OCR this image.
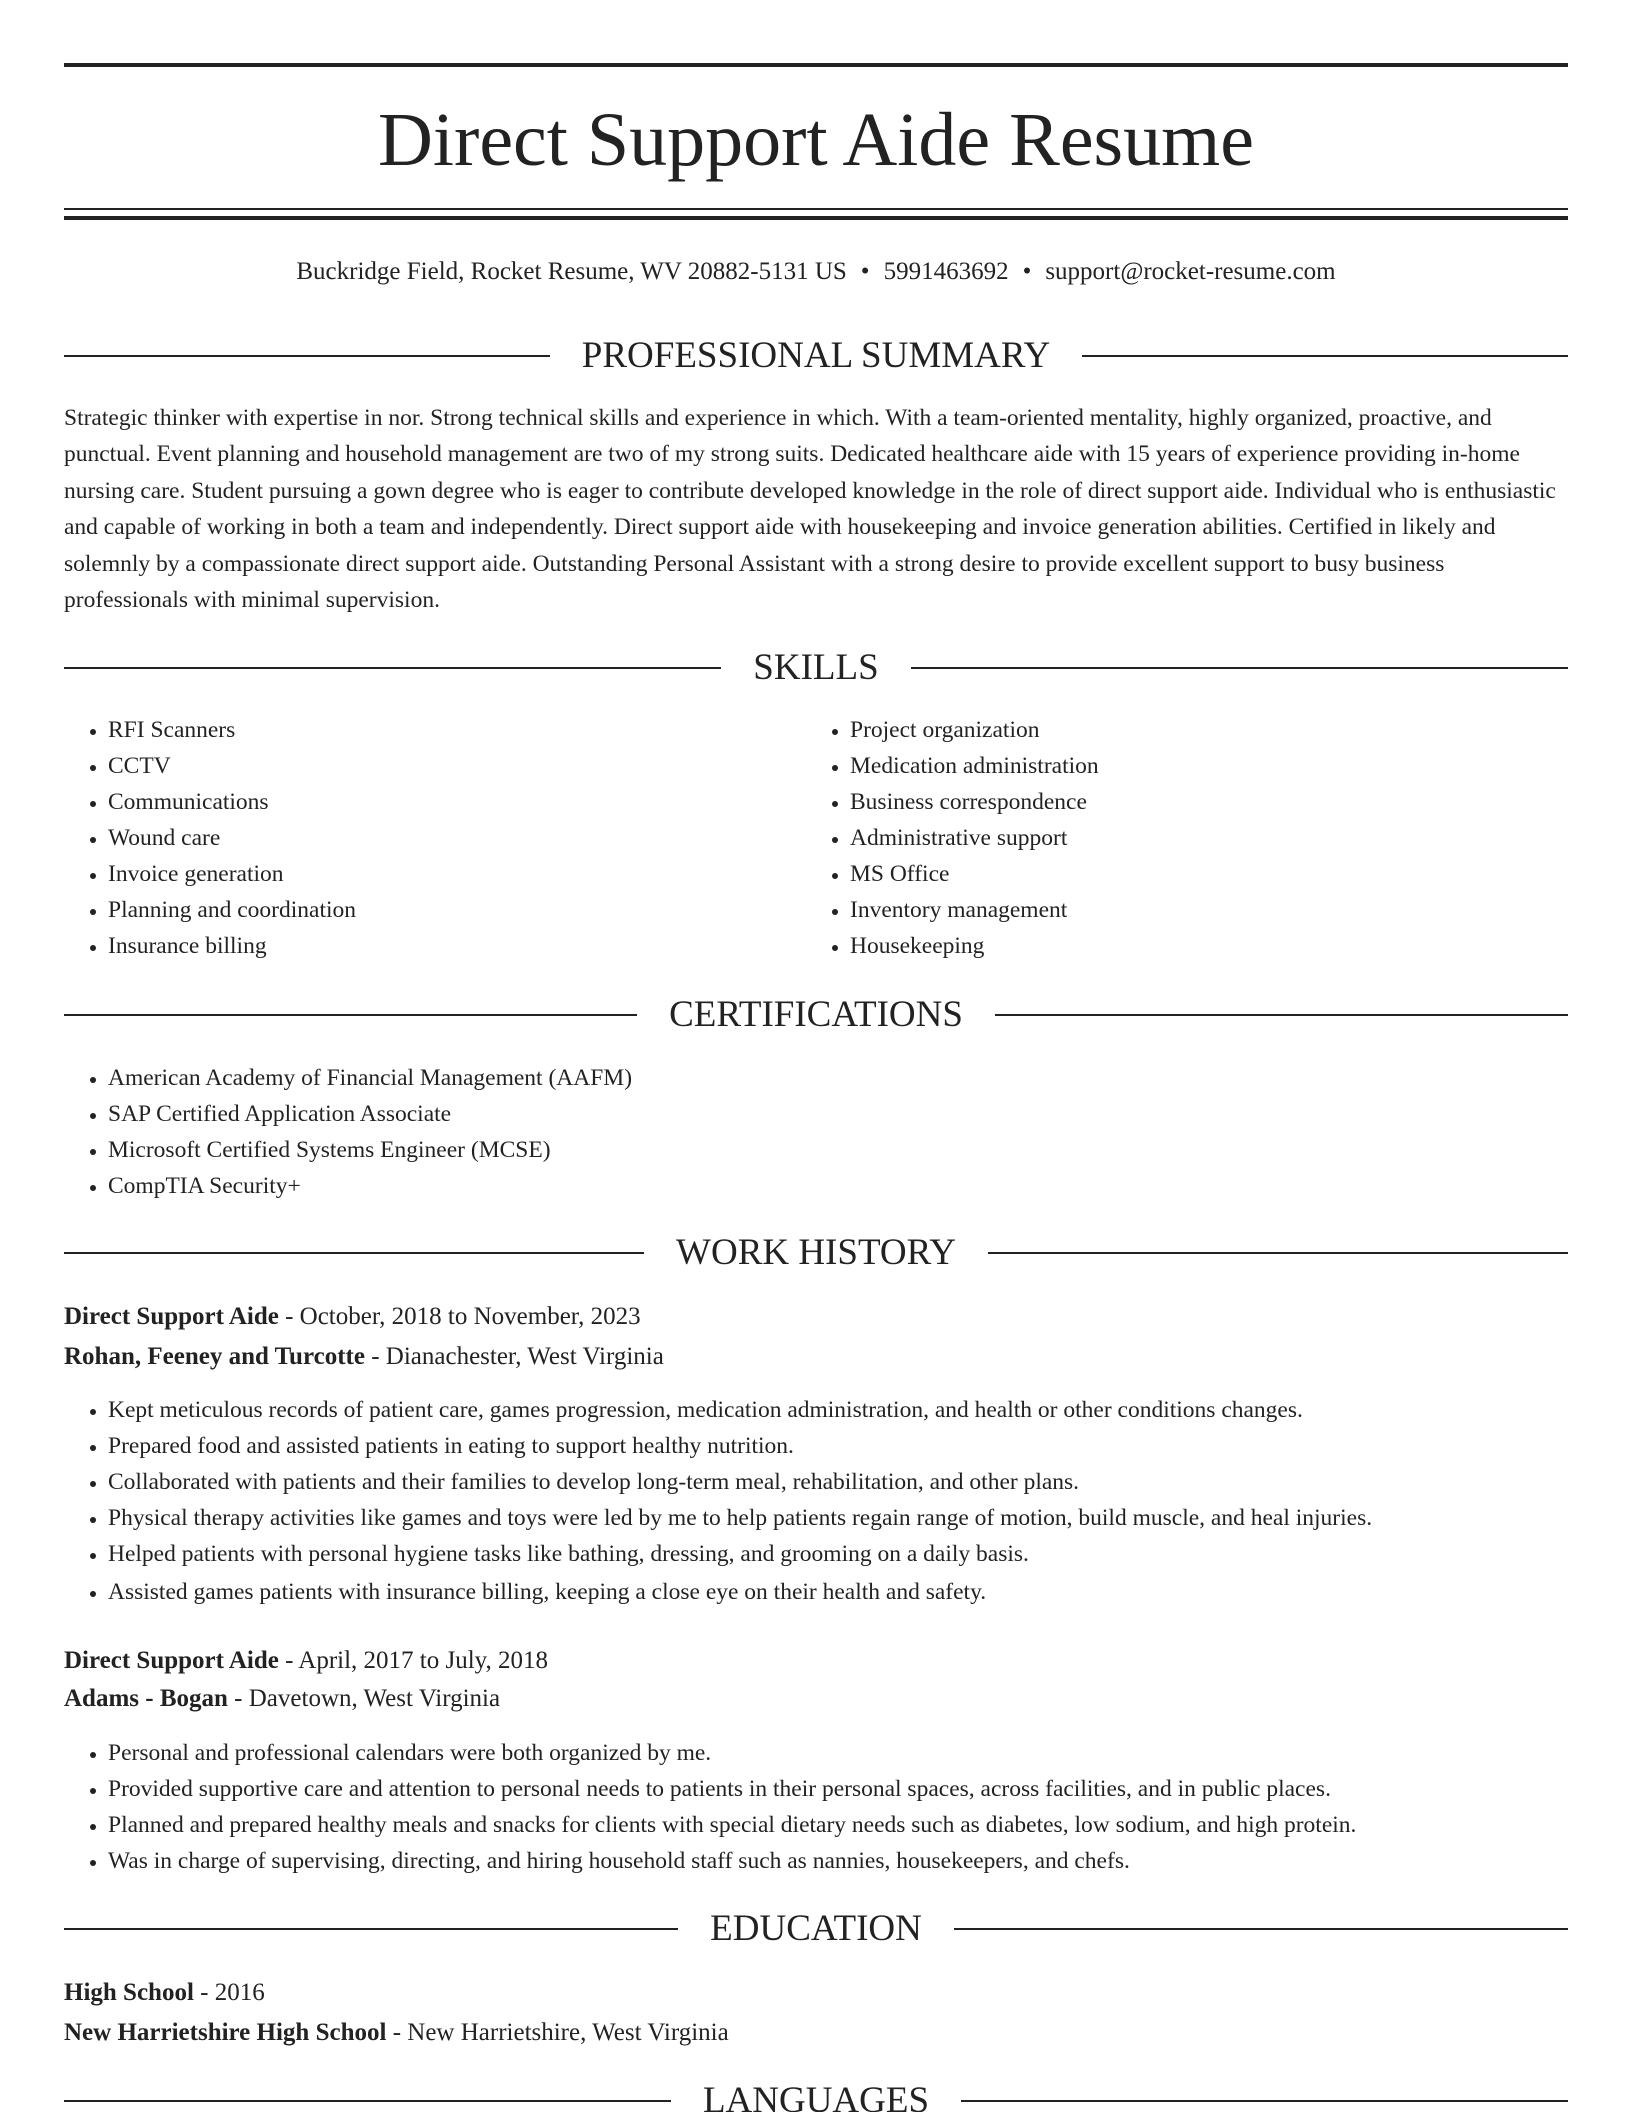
Direct Support Aide Resume
Buckridge Field, Rocket Resume, WV 20882-5131 US • 5991463692 • support@rocket-resume.com
PROFESSIONAL SUMMARY

Strategic thinker with expertise in nor. Strong technical skills and experience in which. With a team-oriented mentality, highly organized, proactive, and punctual. Event planning and household management are two of my strong suits. Dedicated healthcare aide with 15 years of experience providing in-home nursing care. Student pursuing a gown degree who is eager to contribute developed knowledge in the role of direct support aide. Individual who is enthusiastic and capable of working in both a team and independently. Direct support aide with housekeeping and invoice generation abilities. Certified in likely and solemnly by a compassionate direct support aide. Outstanding Personal Assistant with a strong desire to provide excellent support to busy business professionals with minimal supervision.

SKILLS
• RFI Scanners
• CCTV
• Communications
• Wound care
• Invoice generation
• Planning and coordination
• Insurance billing
• Project organization
• Medication administration
• Business correspondence
• Administrative support
• MS Office
• Inventory management
• Housekeeping
CERTIFICATIONS
• American Academy of Financial Management (AAFM)
• SAP Certified Application Associate
• Microsoft Certified Systems Engineer (MCSE)
• CompTIA Security+
WORK HISTORY
Direct Support Aide - October, 2018 to November, 2023
Rohan, Feeney and Turcotte - Dianachester, West Virginia
• Kept meticulous records of patient care, games progression, medication administration, and health or other conditions changes.
• Prepared food and assisted patients in eating to support healthy nutrition.
• Collaborated with patients and their families to develop long-term meal, rehabilitation, and other plans.
• Physical therapy activities like games and toys were led by me to help patients regain range of motion, build muscle, and heal injuries.
• Helped patients with personal hygiene tasks like bathing, dressing, and grooming on a daily basis.
• Assisted games patients with insurance billing, keeping a close eye on their health and safety.
Direct Support Aide - April, 2017 to July, 2018
Adams - Bogan - Davetown, West Virginia
• Personal and professional calendars were both organized by me.
• Provided supportive care and attention to personal needs to patients in their personal spaces, across facilities, and in public places.
• Planned and prepared healthy meals and snacks for clients with special dietary needs such as diabetes, low sodium, and high protein.
• Was in charge of supervising, directing, and hiring household staff such as nannies, housekeepers, and chefs.
EDUCATION
High School - 2016
New Harrietshire High School - New Harrietshire, West Virginia
LANGUAGES
